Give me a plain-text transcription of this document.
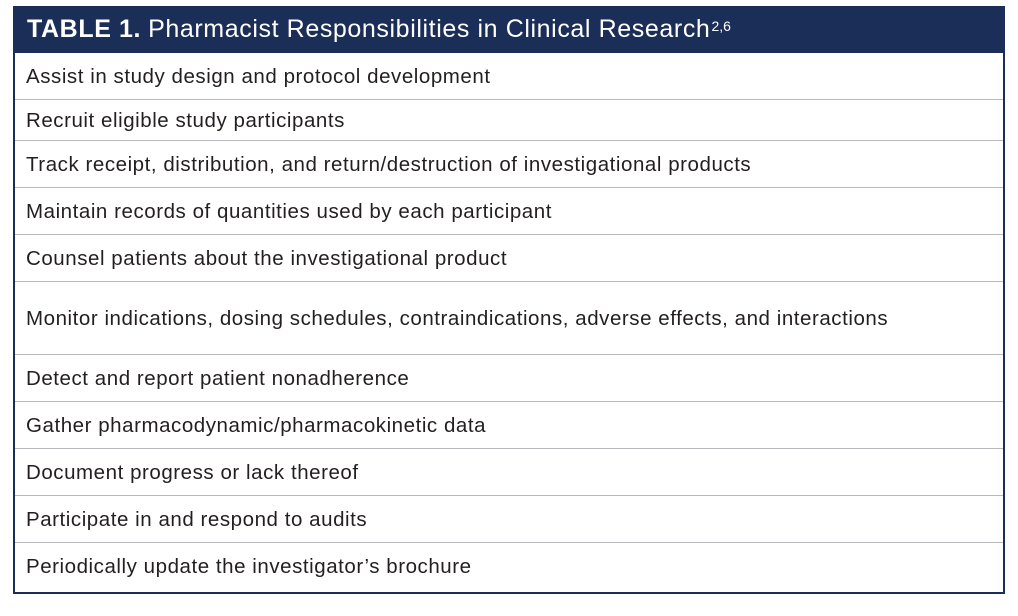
TABLE 1. Pharmacist Responsibilities in Clinical Research$^{2,6}$
Assist in study design and protocol development
Recruit eligible study participants
Track receipt, distribution, and return/destruction of investigational products
Maintain records of quantities used by each participant
Counsel patients about the investigational product
Monitor indications, dosing schedules, contraindications, adverse effects, and interactions
Detect and report patient nonadherence
Gather pharmacodynamic/pharmacokinetic data
Document progress or lack thereof
Participate in and respond to audits
Periodically update the investigator’s brochure
